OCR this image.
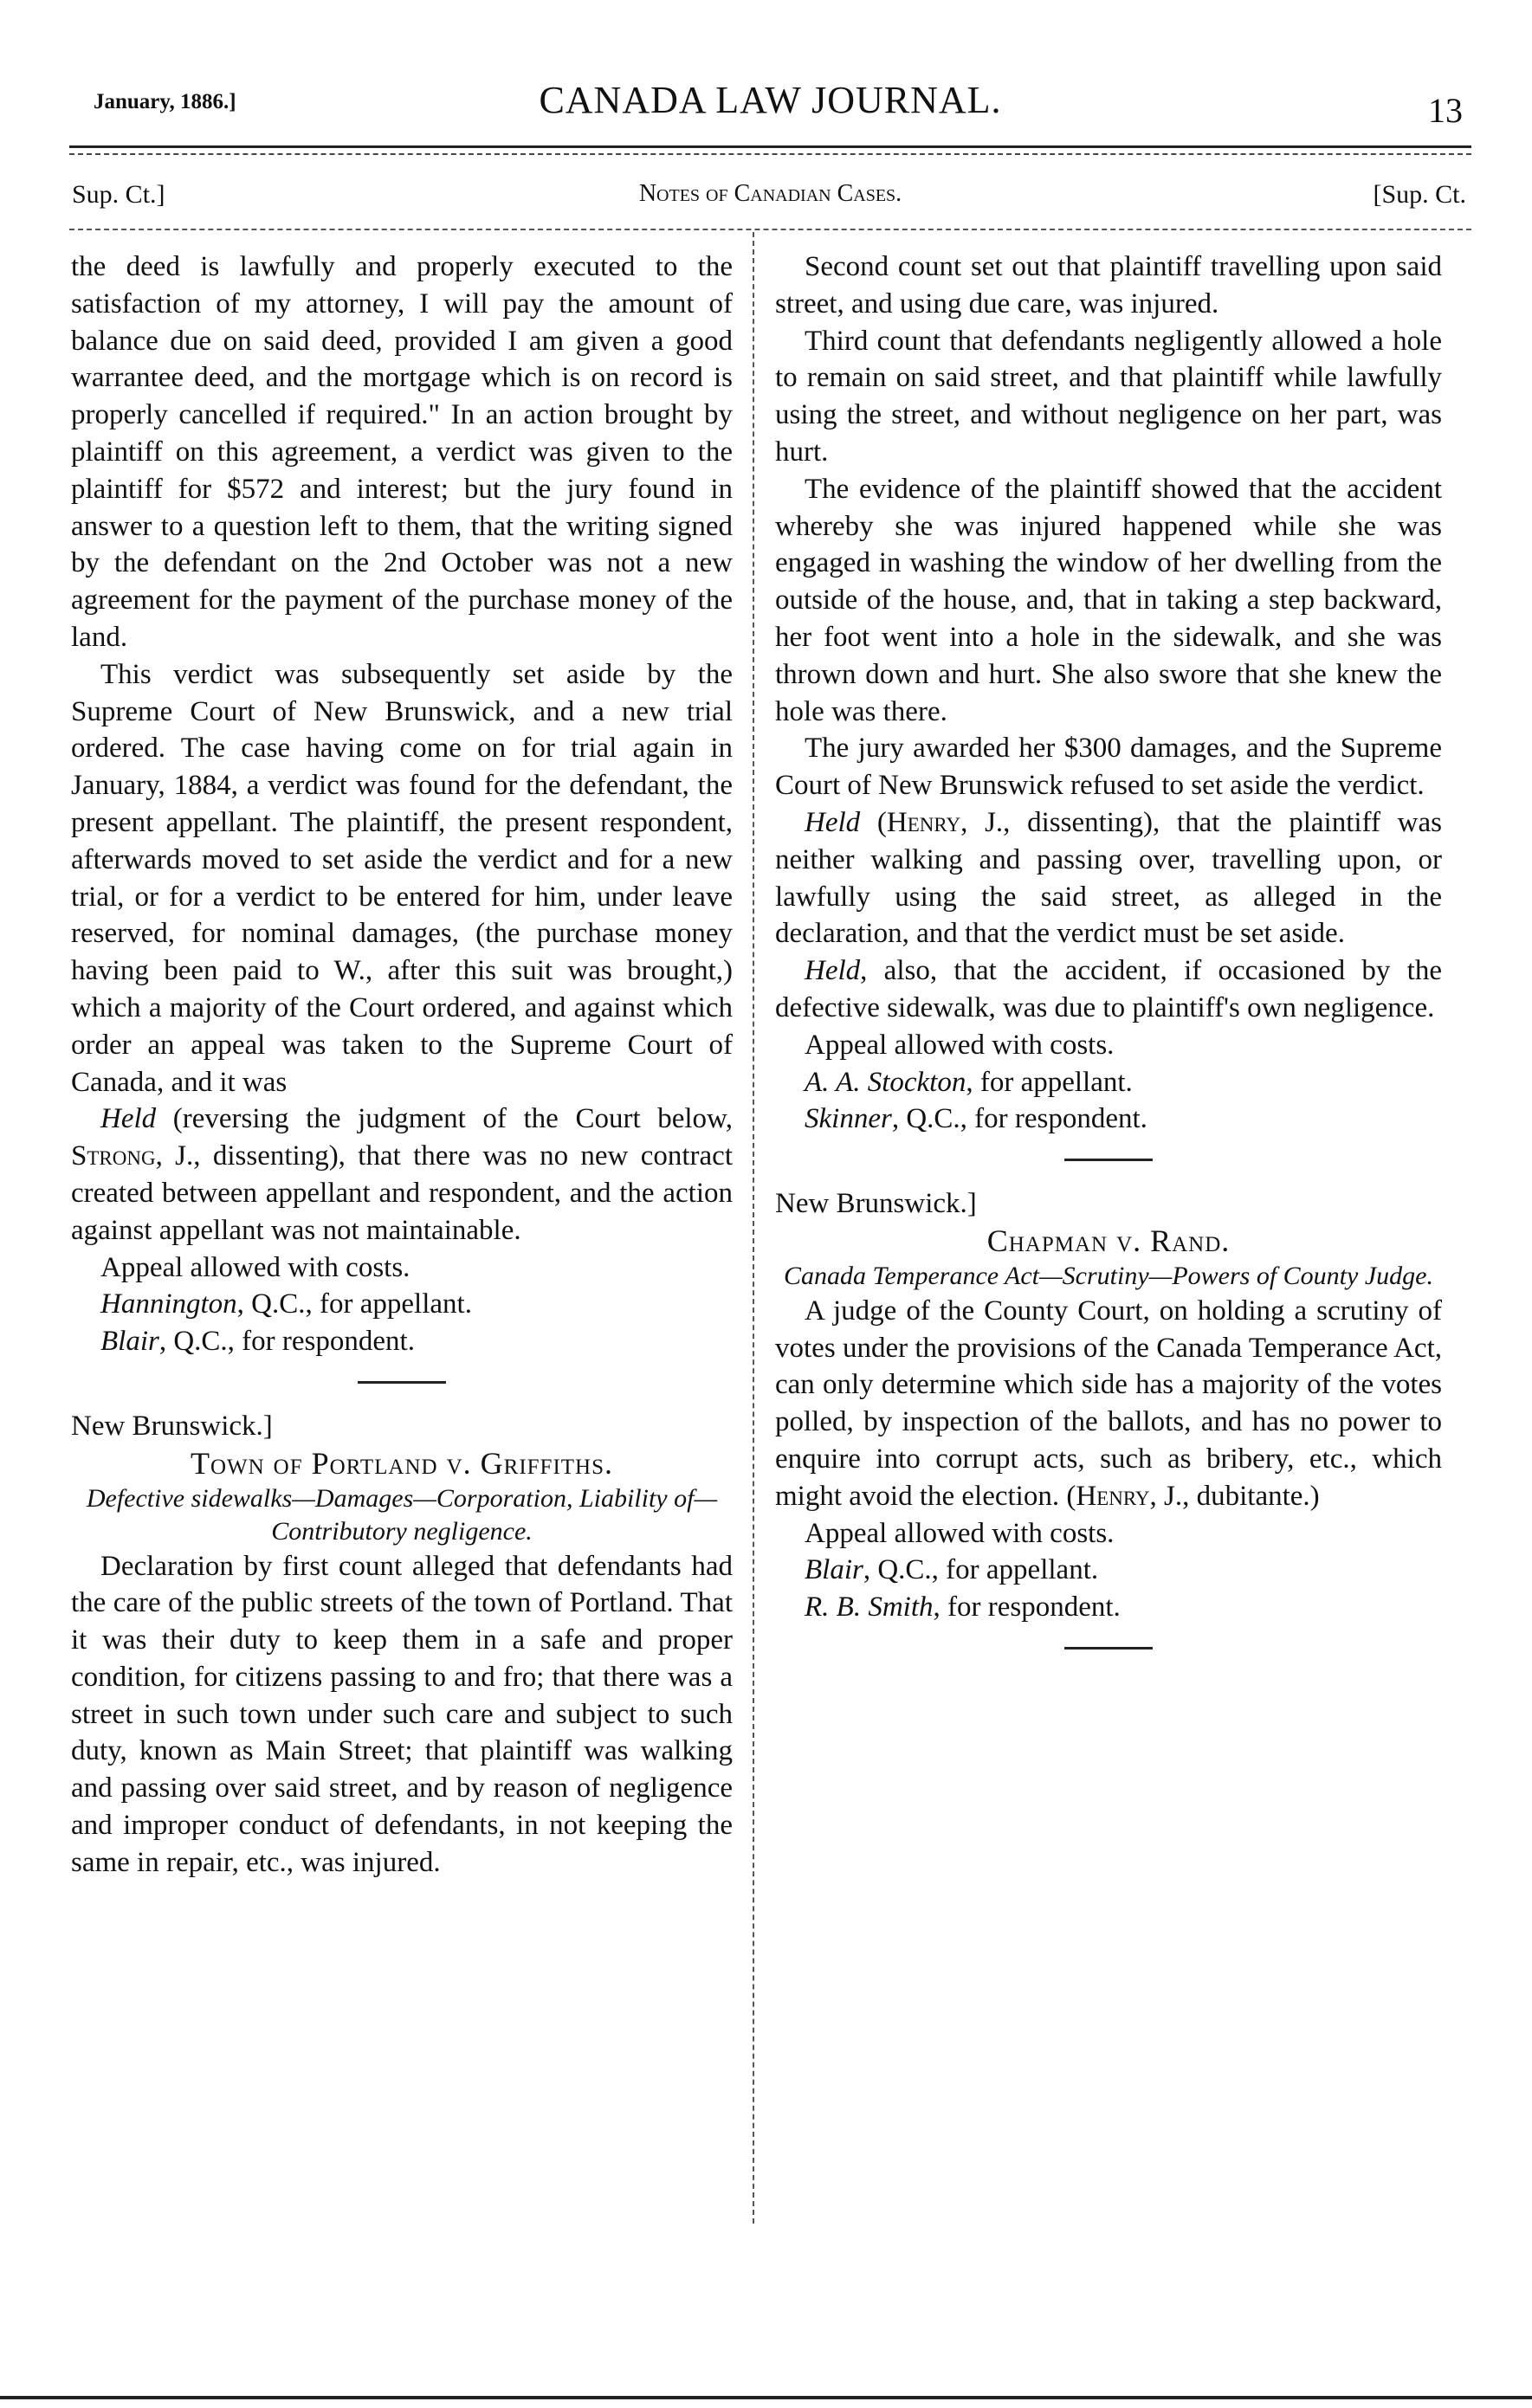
January, 1886.]	CANADA LAW JOURNAL.	13
Sup. Ct.]	Notes of Canadian Cases.	[Sup. Ct.

the deed is lawfully and properly executed to the satisfaction of my attorney, I will pay the amount of balance due on said deed, provided I am given a good warrantee deed, and the mortgage which is on record is properly cancelled if required." In an action brought by plaintiff on this agreement, a verdict was given to the plaintiff for $572 and interest; but the jury found in answer to a question left to them, that the writing signed by the defendant on the 2nd October was not a new agreement for the payment of the purchase money of the land.

This verdict was subsequently set aside by the Supreme Court of New Brunswick, and a new trial ordered. The case having come on for trial again in January, 1884, a verdict was found for the defendant, the present appellant. The plaintiff, the present respondent, afterwards moved to set aside the verdict and for a new trial, or for a verdict to be entered for him, under leave reserved, for nominal damages, (the purchase money having been paid to W., after this suit was brought,) which a majority of the Court ordered, and against which order an appeal was taken to the Supreme Court of Canada, and it was

Held (reversing the judgment of the Court below, Strong, J., dissenting), that there was no new contract created between appellant and respondent, and the action against appellant was not maintainable.

Appeal allowed with costs.

Hannington, Q.C., for appellant.

Blair, Q.C., for respondent.

New Brunswick.]

Town of Portland v. Griffiths.

Defective sidewalks—Damages—Corporation, Liability of—Contributory negligence.

Declaration by first count alleged that defendants had the care of the public streets of the town of Portland. That it was their duty to keep them in a safe and proper condition, for citizens passing to and fro; that there was a street in such town under such care and subject to such duty, known as Main Street; that plaintiff was walking and passing over said street, and by reason of negligence and improper conduct of defendants, in not keeping the same in repair, etc., was injured.

Second count set out that plaintiff travelling upon said street, and using due care, was injured.

Third count that defendants negligently allowed a hole to remain on said street, and that plaintiff while lawfully using the street, and without negligence on her part, was hurt.

The evidence of the plaintiff showed that the accident whereby she was injured happened while she was engaged in washing the window of her dwelling from the outside of the house, and, that in taking a step backward, her foot went into a hole in the sidewalk, and she was thrown down and hurt. She also swore that she knew the hole was there.

The jury awarded her $300 damages, and the Supreme Court of New Brunswick refused to set aside the verdict.

Held (Henry, J., dissenting), that the plaintiff was neither walking and passing over, travelling upon, or lawfully using the said street, as alleged in the declaration, and that the verdict must be set aside.

Held, also, that the accident, if occasioned by the defective sidewalk, was due to plaintiff's own negligence.

Appeal allowed with costs.

A. A. Stockton, for appellant.

Skinner, Q.C., for respondent.

New Brunswick.]

Chapman v. Rand.

Canada Temperance Act—Scrutiny—Powers of County Judge.

A judge of the County Court, on holding a scrutiny of votes under the provisions of the Canada Temperance Act, can only determine which side has a majority of the votes polled, by inspection of the ballots, and has no power to enquire into corrupt acts, such as bribery, etc., which might avoid the election. (Henry, J., dubitante.)

Appeal allowed with costs.

Blair, Q.C., for appellant.

R. B. Smith, for respondent.
